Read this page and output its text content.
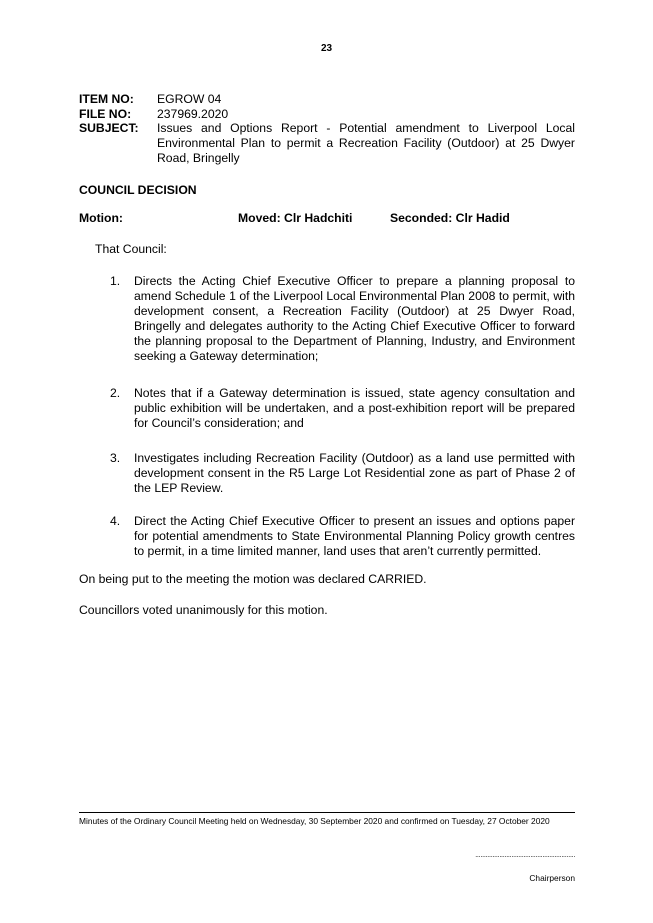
23
ITEM NO:	EGROW 04
FILE NO:	237969.2020
SUBJECT:	Issues and Options Report - Potential amendment to Liverpool Local Environmental Plan to permit a Recreation Facility (Outdoor) at 25 Dwyer Road, Bringelly
COUNCIL DECISION
Motion:	Moved: Clr Hadchiti	Seconded: Clr Hadid
That Council:
1.	Directs the Acting Chief Executive Officer to prepare a planning proposal to amend Schedule 1 of the Liverpool Local Environmental Plan 2008 to permit, with development consent, a Recreation Facility (Outdoor) at 25 Dwyer Road, Bringelly and delegates authority to the Acting Chief Executive Officer to forward the planning proposal to the Department of Planning, Industry, and Environment seeking a Gateway determination;
2.	Notes that if a Gateway determination is issued, state agency consultation and public exhibition will be undertaken, and a post-exhibition report will be prepared for Council’s consideration; and
3.	Investigates including Recreation Facility (Outdoor) as a land use permitted with development consent in the R5 Large Lot Residential zone as part of Phase 2 of the LEP Review.
4.	Direct the Acting Chief Executive Officer to present an issues and options paper for potential amendments to State Environmental Planning Policy growth centres to permit, in a time limited manner, land uses that aren’t currently permitted.
On being put to the meeting the motion was declared CARRIED.
Councillors voted unanimously for this motion.
Minutes of the Ordinary Council Meeting held on Wednesday, 30 September 2020 and confirmed on Tuesday, 27 October 2020
..........................................................
Chairperson
